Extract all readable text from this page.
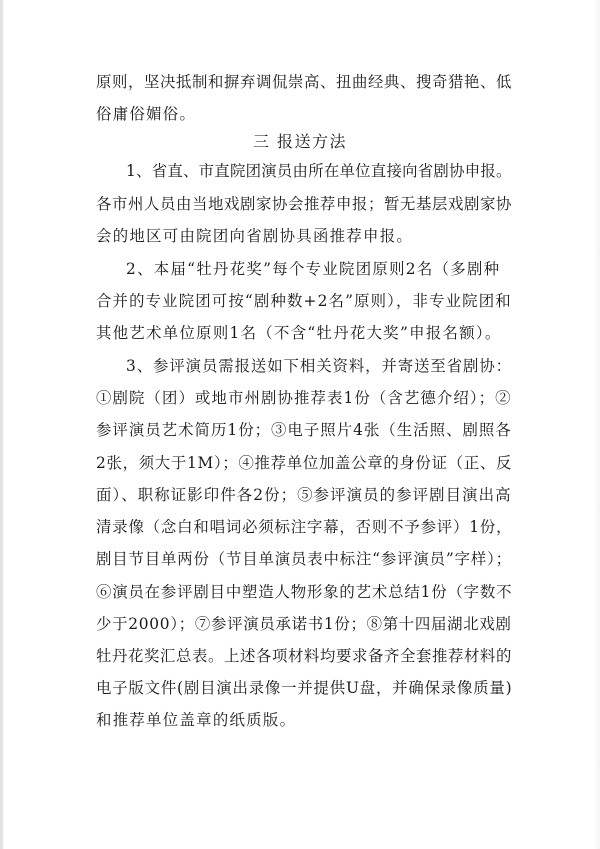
原则，坚决抵制和摒弃调侃崇高、扭曲经典、搜奇猎艳、低
俗庸俗媚俗。
三 报送方法
1、省直、市直院团演员由所在单位直接向省剧协申报。
各市州人员由当地戏剧家协会推荐申报；暂无基层戏剧家协
会的地区可由院团向省剧协具函推荐申报。
2、本届“牡丹花奖”每个专业院团原则2名（多剧种
合并的专业院团可按“剧种数+2名”原则），非专业院团和
其他艺术单位原则1名（不含“牡丹花大奖”申报名额）。
3、参评演员需报送如下相关资料，并寄送至省剧协：
①剧院（团）或地市州剧协推荐表1份（含艺德介绍）；②
参评演员艺术简历1份；③电子照片4张（生活照、剧照各
2张，须大于1M）；④推荐单位加盖公章的身份证（正、反
面）、职称证影印件各2份；⑤参评演员的参评剧目演出高
清录像（念白和唱词必须标注字幕，否则不予参评）1份，
剧目节目单两份（节目单演员表中标注“参评演员”字样）；
⑥演员在参评剧目中塑造人物形象的艺术总结1份（字数不
少于2000）；⑦参评演员承诺书1份；⑧第十四届湖北戏剧
牡丹花奖汇总表。上述各项材料均要求备齐全套推荐材料的
电子版文件(剧目演出录像一并提供U盘，并确保录像质量)
和推荐单位盖章的纸质版。
